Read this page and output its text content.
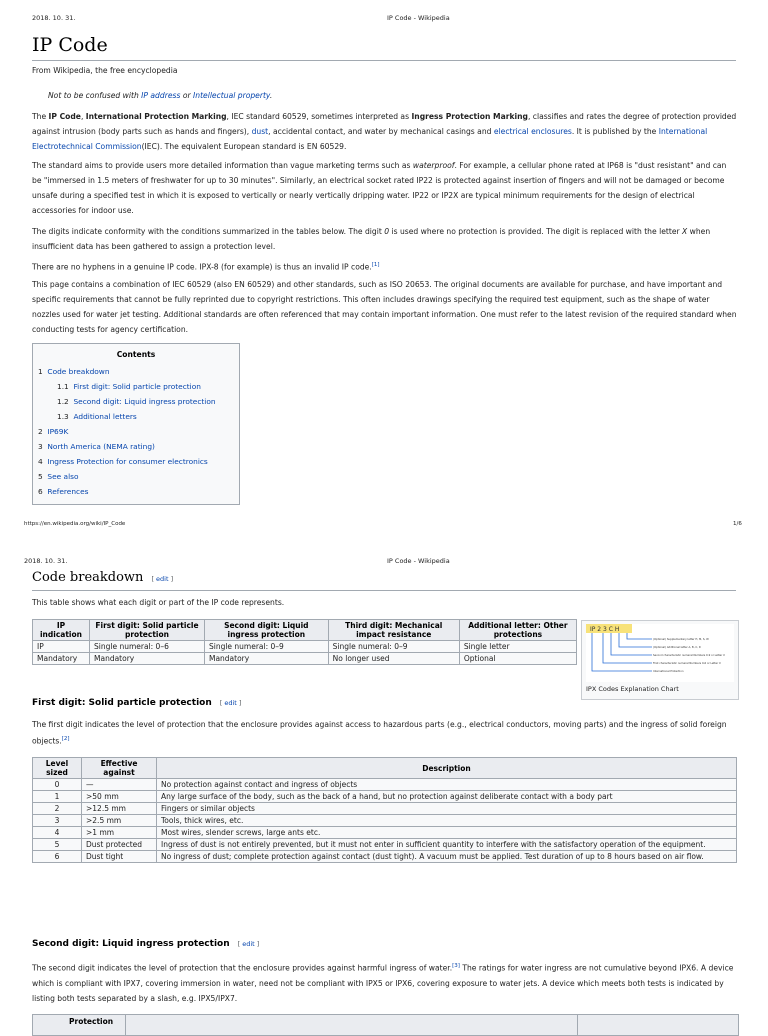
2018. 10. 31.	IP Code - Wikipedia
IP Code
From Wikipedia, the free encyclopedia
Not to be confused with IP address or Intellectual property.

The IP Code, International Protection Marking, IEC standard 60529, sometimes interpreted as Ingress Protection Marking, classifies and rates the degree of protection provided against intrusion (body parts such as hands and fingers), dust, accidental contact, and water by mechanical casings and electrical enclosures. It is published by the International Electrotechnical Commission(IEC). The equivalent European standard is EN 60529.

The standard aims to provide users more detailed information than vague marketing terms such as waterproof. For example, a cellular phone rated at IP68 is "dust resistant" and can be "immersed in 1.5 meters of freshwater for up to 30 minutes". Similarly, an electrical socket rated IP22 is protected against insertion of fingers and will not be damaged or become unsafe during a specified test in which it is exposed to vertically or nearly vertically dripping water. IP22 or IP2X are typical minimum requirements for the design of electrical accessories for indoor use.

The digits indicate conformity with the conditions summarized in the tables below. The digit 0 is used where no protection is provided. The digit is replaced with the letter X when insufficient data has been gathered to assign a protection level.

There are no hyphens in a genuine IP code. IPX-8 (for example) is thus an invalid IP code.[1]

This page contains a combination of IEC 60529 (also EN 60529) and other standards, such as ISO 20653. The original documents are available for purchase, and have important and specific requirements that cannot be fully reprinted due to copyright restrictions. This often includes drawings specifying the required test equipment, such as the shape of water nozzles used for water jet testing. Additional standards are often referenced that may contain important information. One must refer to the latest revision of the required standard when conducting tests for agency certification.

Contents
1 Code breakdown
1.1 First digit: Solid particle protection
1.2 Second digit: Liquid ingress protection
1.3 Additional letters
2 IP69K
3 North America (NEMA rating)
4 Ingress Protection for consumer electronics
5 See also
6 References
https://en.wikipedia.org/wiki/IP_Code	1/6
2018. 10. 31.	IP Code - Wikipedia
Code breakdown [ edit ]
This table shows what each digit or part of the IP code represents.
IP indication	First digit: Solid particle protection	Second digit: Liquid ingress protection	Third digit: Mechanical impact resistance	Additional letter: Other protections
IP	Single numeral: 0–6	Single numeral: 0–9	Single numeral: 0–9	Single letter
Mandatory	Mandatory	Mandatory	No longer used	Optional
IP 2 3 C H
(Optional) Supplementary letter H, M, S, W
(Optional) Additional letter A, B, C, D
Second characteristic numeral Numbers 0-9 or Letter X
First characteristic numeral Numbers 0-6 or Letter X
International Protection
IPX Codes Explanation Chart
First digit: Solid particle protection [ edit ]

The first digit indicates the level of protection that the enclosure provides against access to hazardous parts (e.g., electrical conductors, moving parts) and the ingress of solid foreign objects.[2]

Level sized	Effective against	Description
0	—	No protection against contact and ingress of objects
1	>50 mm	Any large surface of the body, such as the back of a hand, but no protection against deliberate contact with a body part
2	>12.5 mm	Fingers or similar objects
3	>2.5 mm	Tools, thick wires, etc.
4	>1 mm	Most wires, slender screws, large ants etc.
5	Dust protected	Ingress of dust is not entirely prevented, but it must not enter in sufficient quantity to interfere with the satisfactory operation of the equipment.
6	Dust tight	No ingress of dust; complete protection against contact (dust tight). A vacuum must be applied. Test duration of up to 8 hours based on air flow.
Second digit: Liquid ingress protection [ edit ]

The second digit indicates the level of protection that the enclosure provides against harmful ingress of water.[3] The ratings for water ingress are not cumulative beyond IPX6. A device which is compliant with IPX7, covering immersion in water, need not be compliant with IPX5 or IPX6, covering exposure to water jets. A device which meets both tests is indicated by listing both tests separated by a slash, e.g. IPX5/IPX7.

Protection
